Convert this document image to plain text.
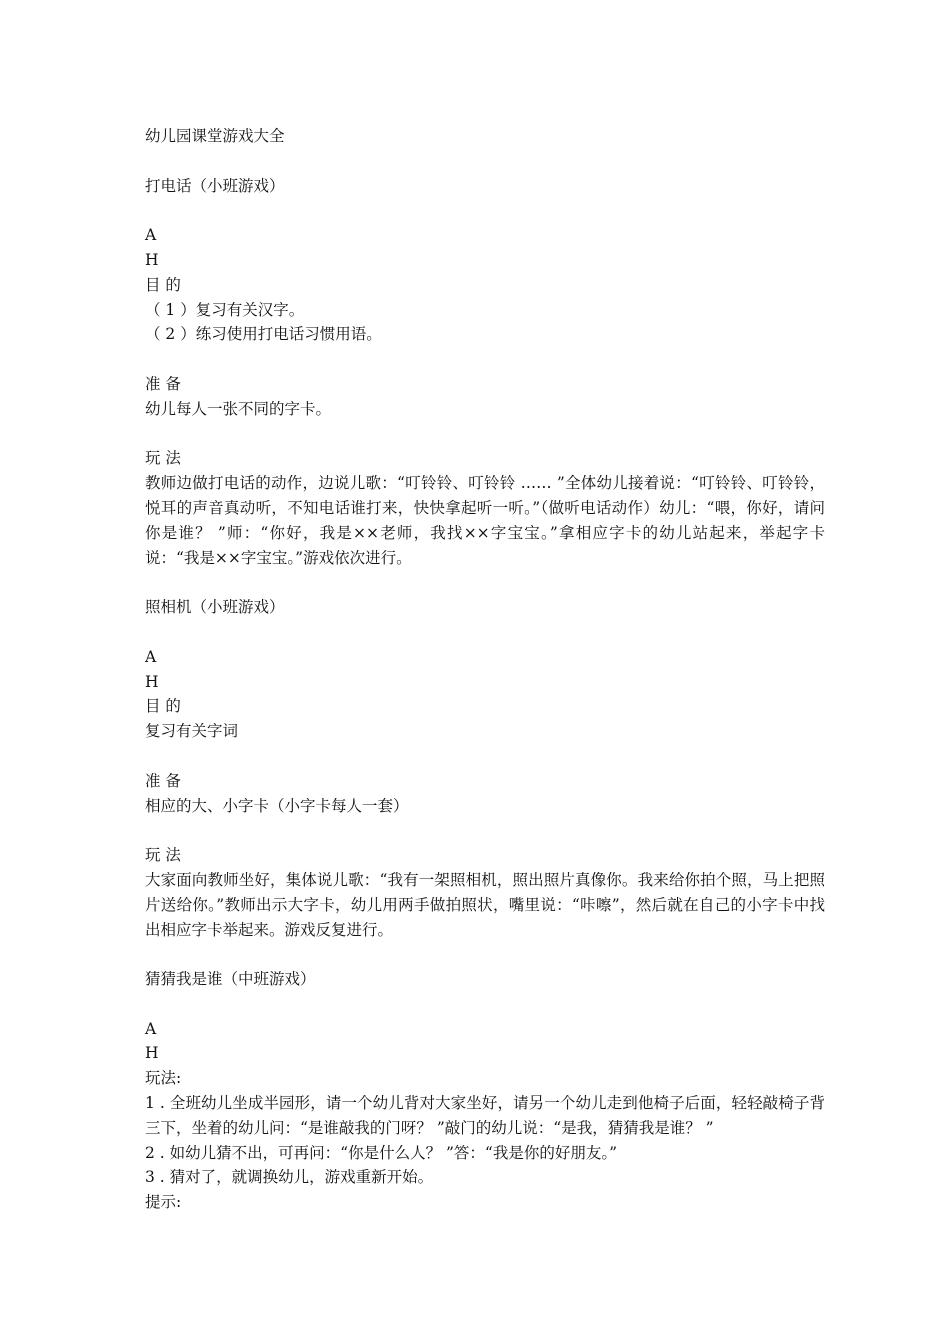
幼儿园课堂游戏大全
打电话（小班游戏）
A
H
目 的
（ 1 ）复习有关汉字。
（ 2 ）练习使用打电话习惯用语。
准 备
幼儿每人一张不同的字卡。
玩 法
教师边做打电话的动作，边说儿歌：“叮铃铃、叮铃铃 …… ”全体幼儿接着说：“叮铃铃、叮铃铃，悦耳的声音真动听，不知电话谁打来，快快拿起听一听。”（做听电话动作）幼儿：“喂，你好，请问你是谁？ ”师：“你好，我是××老师，我找××字宝宝。”拿相应字卡的幼儿站起来，举起字卡说：“我是××字宝宝。”游戏依次进行。
照相机（小班游戏）
A
H
目 的
复习有关字词
准 备
相应的大、小字卡（小字卡每人一套）
玩 法
大家面向教师坐好，集体说儿歌：“我有一架照相机，照出照片真像你。我来给你拍个照，马上把照片送给你。”教师出示大字卡，幼儿用两手做拍照状，嘴里说：“咔嚓”，然后就在自己的小字卡中找出相应字卡举起来。游戏反复进行。
猜猜我是谁（中班游戏）
A
H
玩法:
1 . 全班幼儿坐成半园形，请一个幼儿背对大家坐好，请另一个幼儿走到他椅子后面，轻轻敲椅子背三下，坐着的幼儿问：“是谁敲我的门呀？ ”敲门的幼儿说：“是我，猜猜我是谁？ ”
2 . 如幼儿猜不出，可再问：“你是什么人？ ”答：“我是你的好朋友。”
3 . 猜对了，就调换幼儿，游戏重新开始。
提示:
